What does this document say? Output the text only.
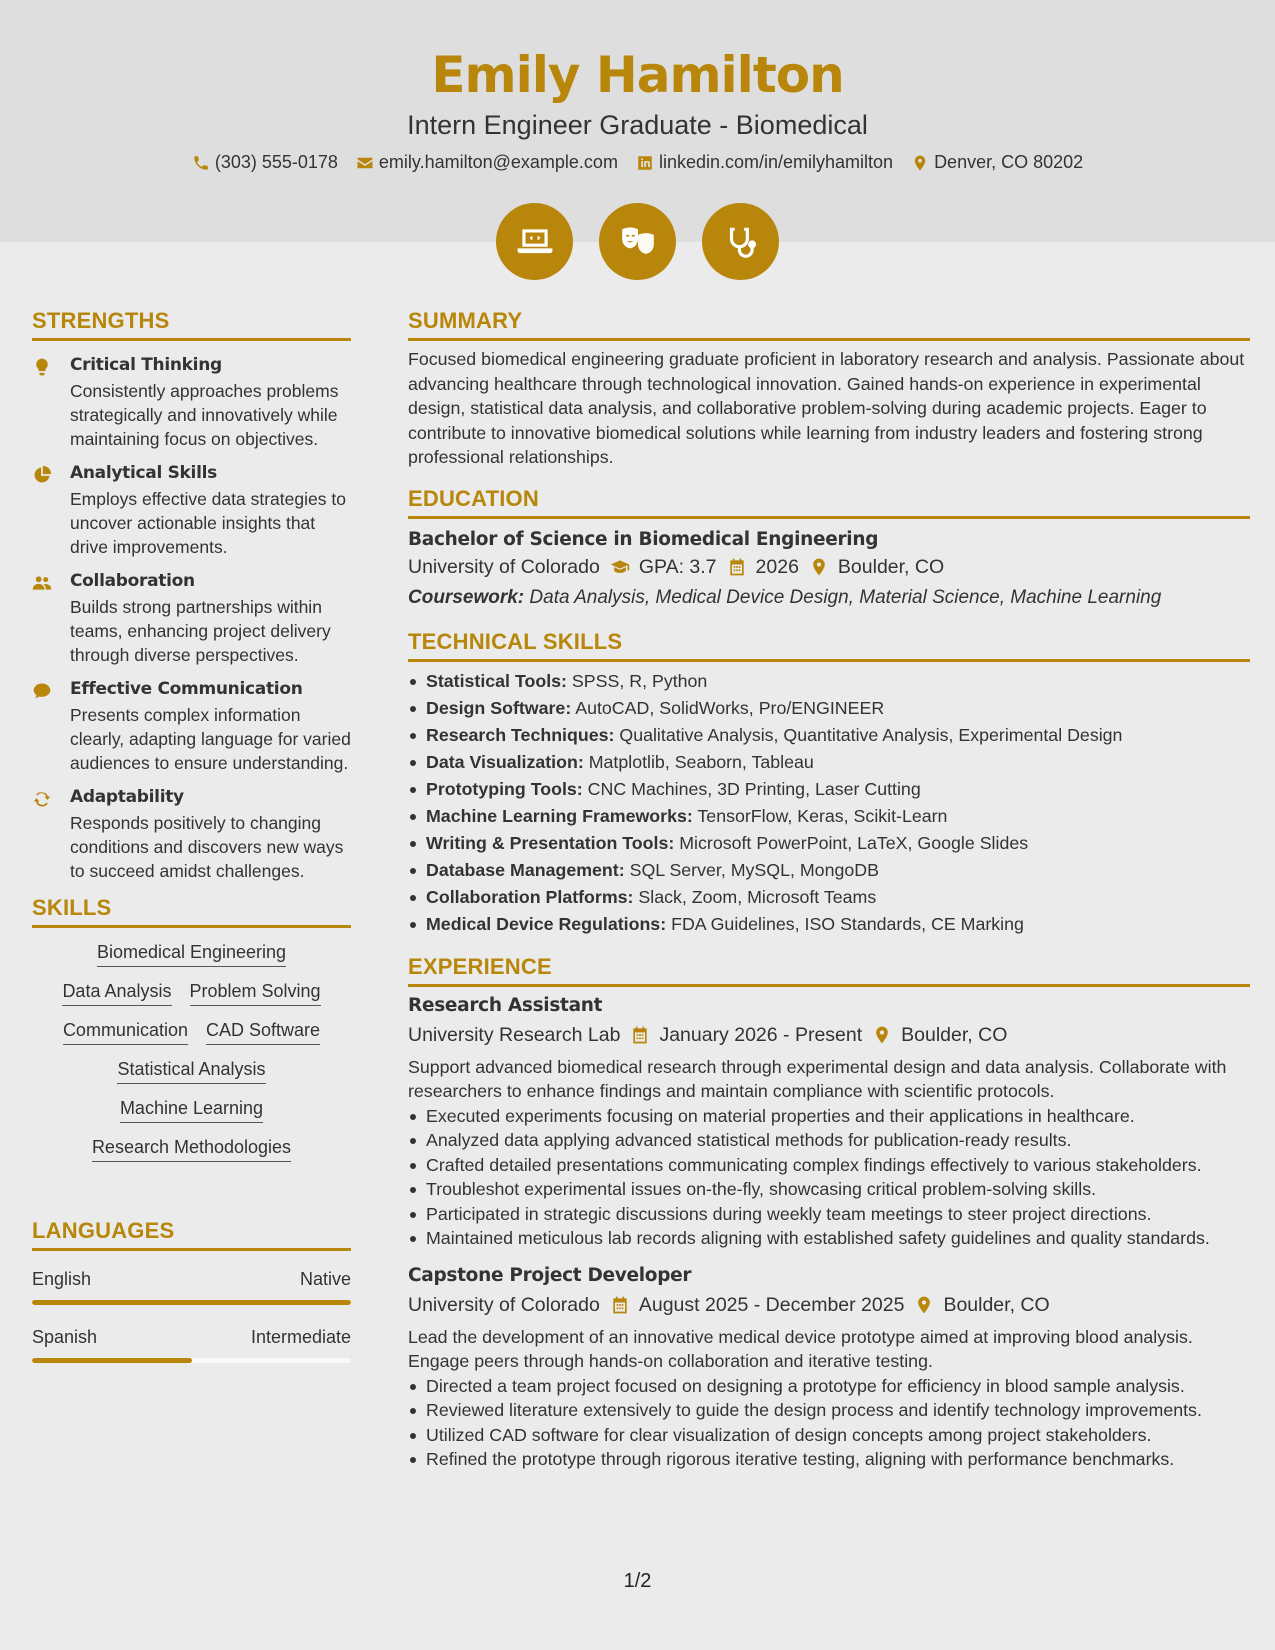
Emily Hamilton
Intern Engineer Graduate - Biomedical
(303) 555-0178 emily.hamilton@example.com linkedin.com/in/emilyhamilton Denver, CO 80202
STRENGTHS
Critical Thinking
Consistently approaches problems strategically and innovatively while maintaining focus on objectives.
Analytical Skills
Employs effective data strategies to uncover actionable insights that drive improvements.
Collaboration
Builds strong partnerships within teams, enhancing project delivery through diverse perspectives.
Effective Communication
Presents complex information clearly, adapting language for varied audiences to ensure understanding.
Adaptability
Responds positively to changing conditions and discovers new ways to succeed amidst challenges.
SKILLS
Biomedical Engineering
Data Analysis Problem Solving
Communication CAD Software
Statistical Analysis
Machine Learning
Research Methodologies
LANGUAGES
English	Native
Spanish	Intermediate
SUMMARY
Focused biomedical engineering graduate proficient in laboratory research and analysis. Passionate about advancing healthcare through technological innovation. Gained hands-on experience in experimental design, statistical data analysis, and collaborative problem-solving during academic projects. Eager to contribute to innovative biomedical solutions while learning from industry leaders and fostering strong professional relationships.
EDUCATION
Bachelor of Science in Biomedical Engineering
University of Colorado GPA: 3.7 2026 Boulder, CO
Coursework: Data Analysis, Medical Device Design, Material Science, Machine Learning
TECHNICAL SKILLS
Statistical Tools: SPSS, R, Python
Design Software: AutoCAD, SolidWorks, Pro/ENGINEER
Research Techniques: Qualitative Analysis, Quantitative Analysis, Experimental Design
Data Visualization: Matplotlib, Seaborn, Tableau
Prototyping Tools: CNC Machines, 3D Printing, Laser Cutting
Machine Learning Frameworks: TensorFlow, Keras, Scikit-Learn
Writing & Presentation Tools: Microsoft PowerPoint, LaTeX, Google Slides
Database Management: SQL Server, MySQL, MongoDB
Collaboration Platforms: Slack, Zoom, Microsoft Teams
Medical Device Regulations: FDA Guidelines, ISO Standards, CE Marking
EXPERIENCE
Research Assistant
University Research Lab January 2026 - Present Boulder, CO
Support advanced biomedical research through experimental design and data analysis. Collaborate with researchers to enhance findings and maintain compliance with scientific protocols.
Executed experiments focusing on material properties and their applications in healthcare.
Analyzed data applying advanced statistical methods for publication-ready results.
Crafted detailed presentations communicating complex findings effectively to various stakeholders.
Troubleshot experimental issues on-the-fly, showcasing critical problem-solving skills.
Participated in strategic discussions during weekly team meetings to steer project directions.
Maintained meticulous lab records aligning with established safety guidelines and quality standards.
Capstone Project Developer
University of Colorado August 2025 - December 2025 Boulder, CO
Lead the development of an innovative medical device prototype aimed at improving blood analysis. Engage peers through hands-on collaboration and iterative testing.
Directed a team project focused on designing a prototype for efficiency in blood sample analysis.
Reviewed literature extensively to guide the design process and identify technology improvements.
Utilized CAD software for clear visualization of design concepts among project stakeholders.
Refined the prototype through rigorous iterative testing, aligning with performance benchmarks.
1/2
